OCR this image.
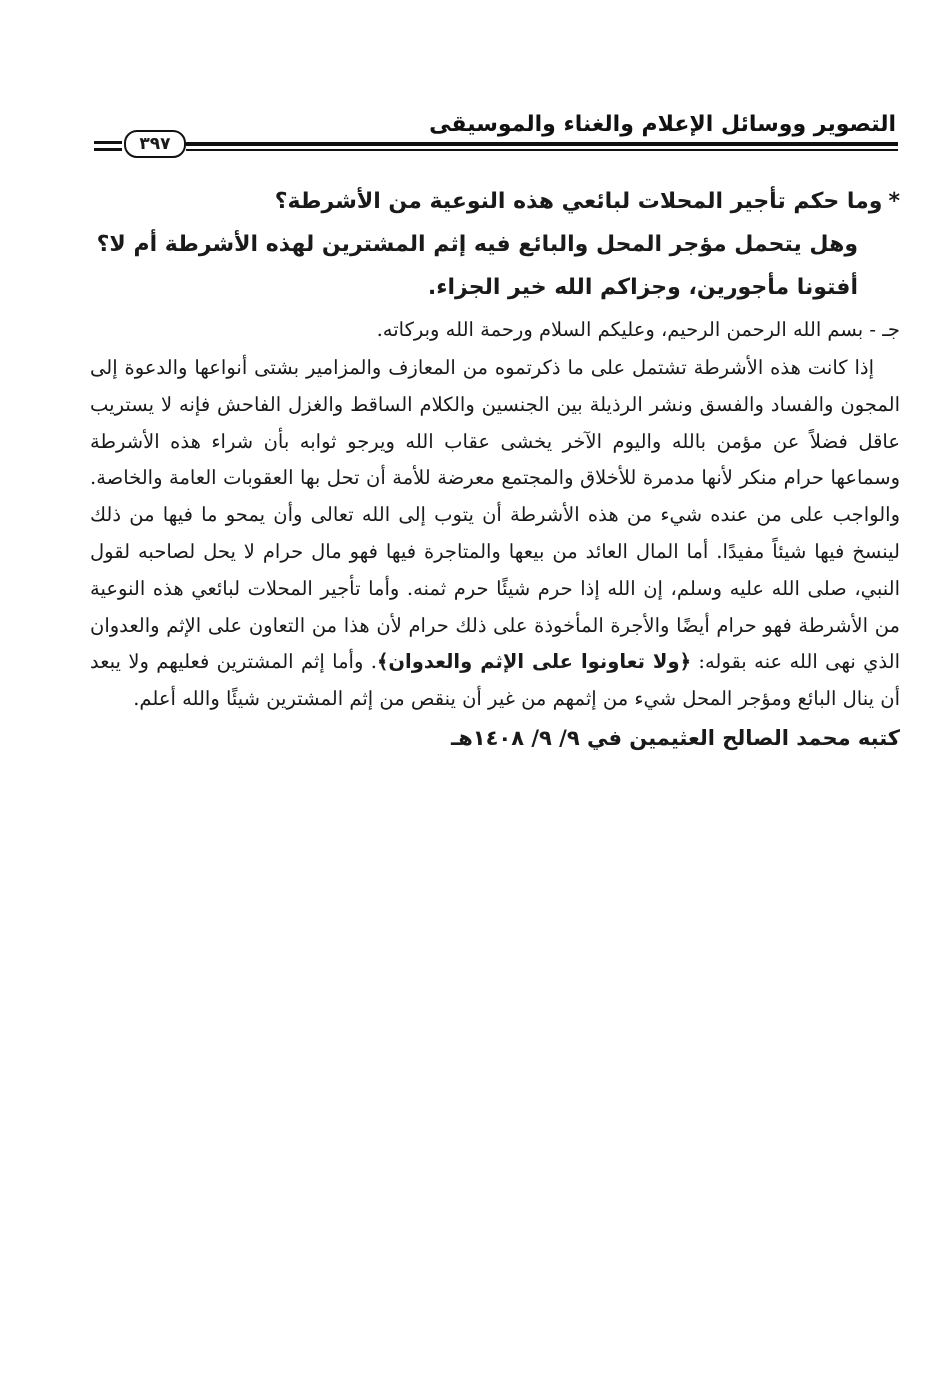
التصوير ووسائل الإعلام والغناء والموسيقى
٣٩٧
*وما حكم تأجير المحلات لبائعي هذه النوعية من الأشرطة؟
وهل يتحمل مؤجر المحل والبائع فيه إثم المشترين لهذه الأشرطة أم لا؟
أفتونا مأجورين، وجزاكم الله خير الجزاء.
جـ - بسم الله الرحمن الرحيم، وعليكم السلام ورحمة الله وبركاته.
إذا كانت هذه الأشرطة تشتمل على ما ذكرتموه من المعازف والمزامير بشتى أنواعها والدعوة إلى المجون والفساد والفسق ونشر الرذيلة بين الجنسين والكلام الساقط والغزل الفاحش فإنه لا يستريب عاقل فضلاً عن مؤمن بالله واليوم الآخر يخشى عقاب الله ويرجو ثوابه بأن شراء هذه الأشرطة وسماعها حرام منكر لأنها مدمرة للأخلاق والمجتمع معرضة للأمة أن تحل بها العقوبات العامة والخاصة. والواجب على من عنده شيء من هذه الأشرطة أن يتوب إلى الله تعالى وأن يمحو ما فيها من ذلك لينسخ فيها شيئاً مفيدًا. أما المال العائد من بيعها والمتاجرة فيها فهو مال حرام لا يحل لصاحبه لقول النبي، صلى الله عليه وسلم، إن الله إذا حرم شيئًا حرم ثمنه. وأما تأجير المحلات لبائعي هذه النوعية من الأشرطة فهو حرام أيضًا والأجرة المأخوذة على ذلك حرام لأن هذا من التعاون على الإثم والعدوان الذي نهى الله عنه بقوله: ﴿ولا تعاونوا على الإثم والعدوان﴾. وأما إثم المشترين فعليهم ولا يبعد أن ينال البائع ومؤجر المحل شيء من إثمهم من غير أن ينقص من إثم المشترين شيئًا والله أعلم.
كتبه محمد الصالح العثيمين في ٩/ ٩/ ١٤٠٨هـ
